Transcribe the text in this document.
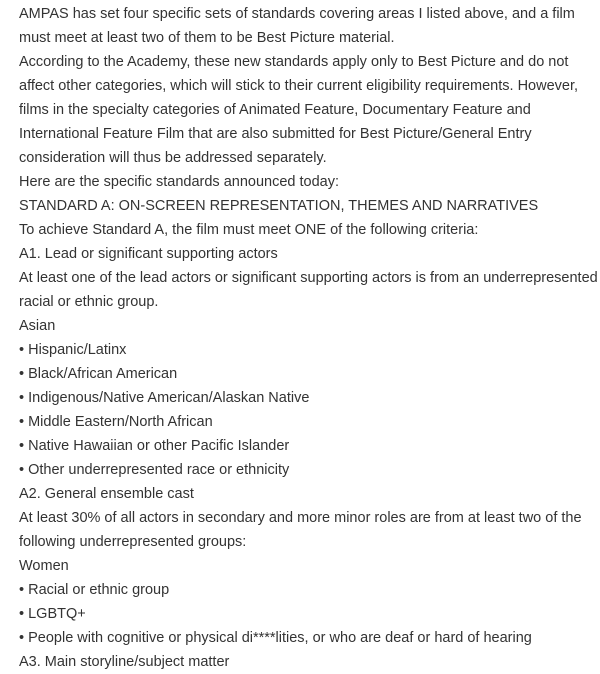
AMPAS has set four specific sets of standards covering areas I listed above, and a film

must meet at least two of them to be Best Picture material.

According to the Academy, these new standards apply only to Best Picture and do not

affect other categories, which will stick to their current eligibility requirements. However,

films in the specialty categories of Animated Feature, Documentary Feature and

International Feature Film that are also submitted for Best Picture/General Entry

consideration will thus be addressed separately.

Here are the specific standards announced today:

STANDARD A: ON-SCREEN REPRESENTATION, THEMES AND NARRATIVES

To achieve Standard A, the film must meet ONE of the following criteria:

A1. Lead or significant supporting actors

At least one of the lead actors or significant supporting actors is from an underrepresented

racial or ethnic group.

Asian

• Hispanic/Latinx

• Black/African American

• Indigenous/Native American/Alaskan Native

• Middle Eastern/North African

• Native Hawaiian or other Pacific Islander

• Other underrepresented race or ethnicity

A2. General ensemble cast

At least 30% of all actors in secondary and more minor roles are from at least two of the

following underrepresented groups:

Women

• Racial or ethnic group

• LGBTQ+

• People with cognitive or physical di****lities, or who are deaf or hard of hearing

A3. Main storyline/subject matter
